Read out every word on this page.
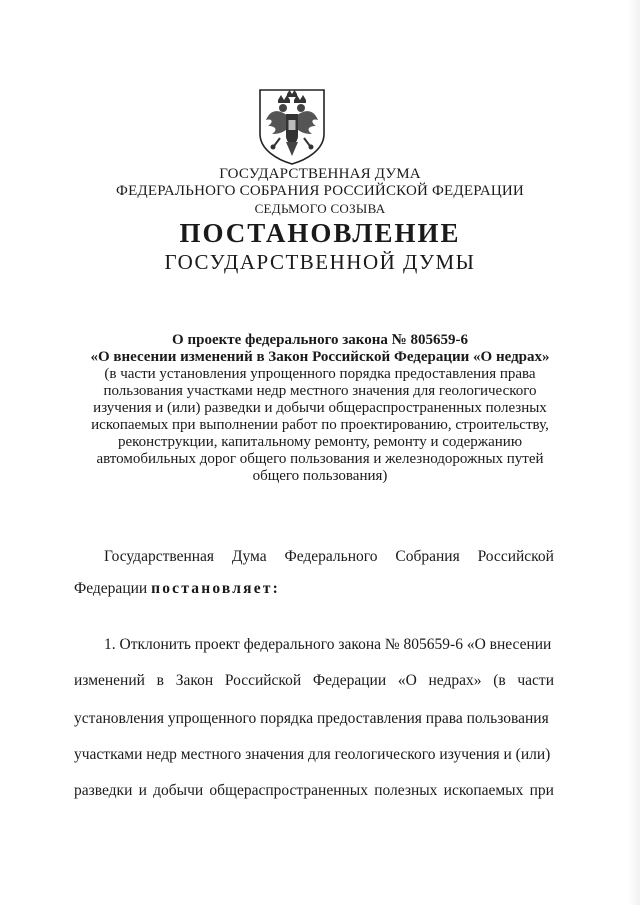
ГОСУДАРСТВЕННАЯ ДУМА
ФЕДЕРАЛЬНОГО СОБРАНИЯ РОССИЙСКОЙ ФЕДЕРАЦИИ
СЕДЬМОГО СОЗЫВА
ПОСТАНОВЛЕНИЕ
ГОСУДАРСТВЕННОЙ ДУМЫ
О проекте федерального закона № 805659-6
«О внесении изменений в Закон Российской Федерации «О недрах»
(в части установления упрощенного порядка предоставления права
пользования участками недр местного значения для геологического
изучения и (или) разведки и добычи общераспространенных полезных
ископаемых при выполнении работ по проектированию, строительству,
реконструкции, капитальному ремонту, ремонту и содержанию
автомобильных дорог общего пользования и железнодорожных путей
общего пользования)
Государственная Дума Федерального Собрания Российской
Федерации постановляет:
1. Отклонить проект федерального закона № 805659-6 «О внесении
изменений в Закон Российской Федерации «О недрах» (в части
установления упрощенного порядка предоставления права пользования
участками недр местного значения для геологического изучения и (или)
разведки и добычи общераспространенных полезных ископаемых при
